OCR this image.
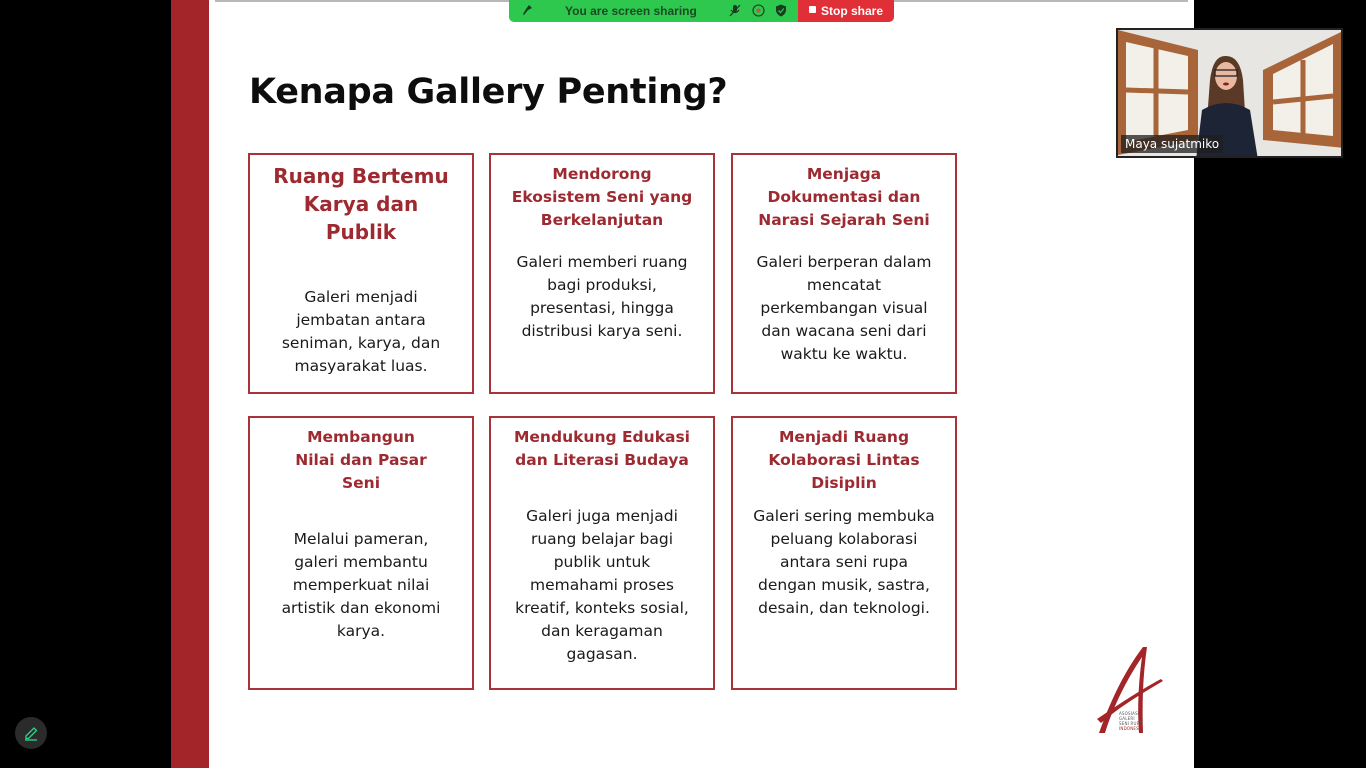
Kenapa Gallery Penting?

Ruang Bertemu Karya dan Publik

Galeri menjadi jembatan antara seniman, karya, dan masyarakat luas.

Mendorong Ekosistem Seni yang Berkelanjutan

Galeri memberi ruang bagi produksi, presentasi, hingga distribusi karya seni.

Menjaga Dokumentasi dan Narasi Sejarah Seni

Galeri berperan dalam mencatat perkembangan visual dan wacana seni dari waktu ke waktu.

Membangun Nilai dan Pasar Seni

Melalui pameran, galeri membantu memperkuat nilai artistik dan ekonomi karya.

Mendukung Edukasi dan Literasi Budaya

Galeri juga menjadi ruang belajar bagi publik untuk memahami proses kreatif, konteks sosial, dan keragaman gagasan.

Menjadi Ruang Kolaborasi Lintas Disiplin

Galeri sering membuka peluang kolaborasi antara seni rupa dengan musik, sastra, desain, dan teknologi.

ASOSIASI
GALERI
SENI RUPA
INDONESIA
You are screen sharing	Stop share
Maya sujatmiko
